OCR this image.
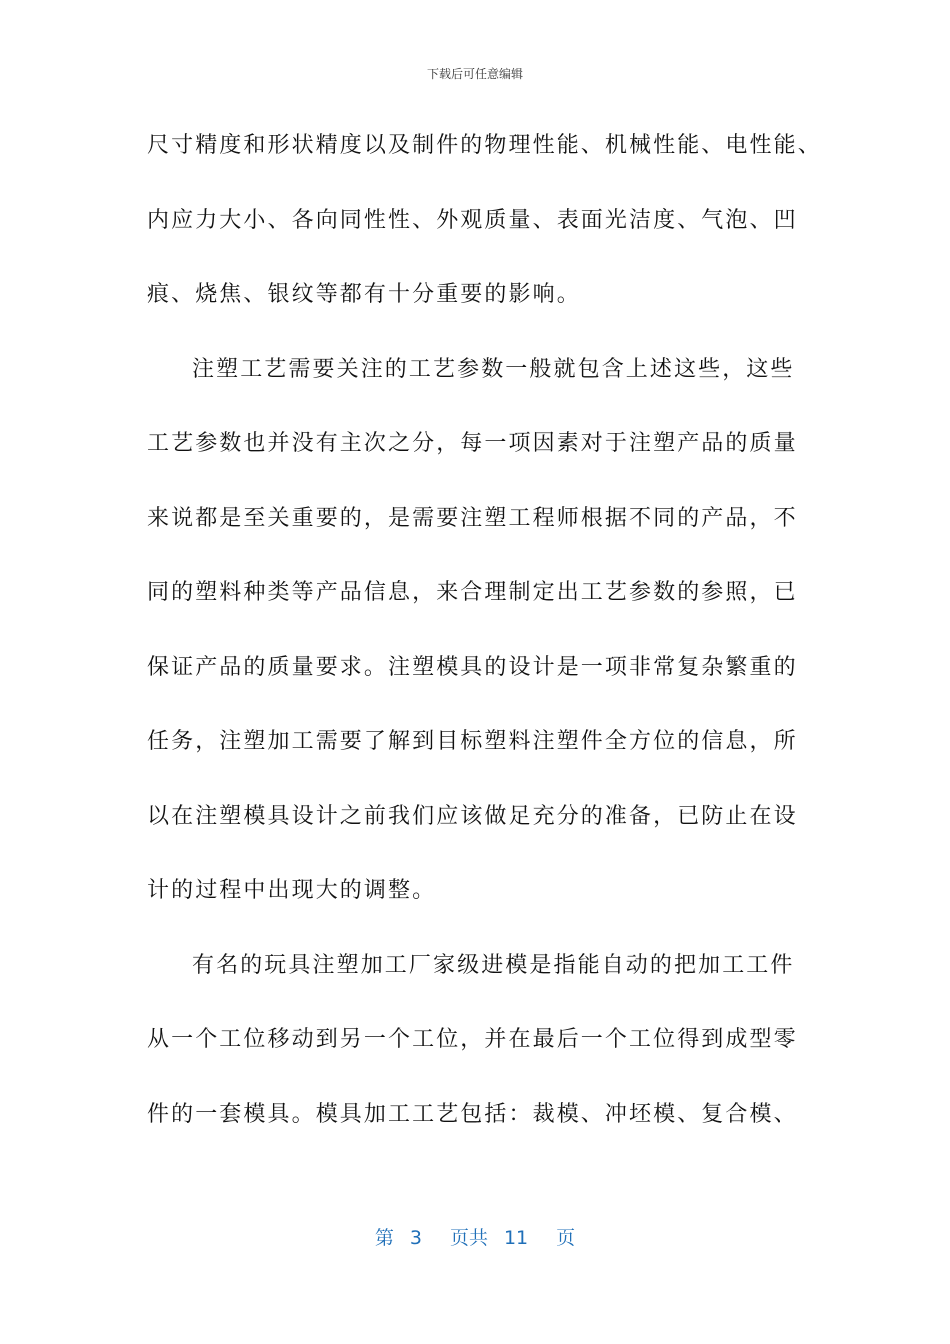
下载后可任意编辑
尺寸精度和形状精度以及制件的物理性能、机械性能、电性能、
内应力大小、各向同性性、外观质量、表面光洁度、气泡、凹
痕、烧焦、银纹等都有十分重要的影响。
注塑工艺需要关注的工艺参数一般就包含上述这些，这些
工艺参数也并没有主次之分，每一项因素对于注塑产品的质量
来说都是至关重要的，是需要注塑工程师根据不同的产品，不
同的塑料种类等产品信息，来合理制定出工艺参数的参照，已
保证产品的质量要求。注塑模具的设计是一项非常复杂繁重的
任务，注塑加工需要了解到目标塑料注塑件全方位的信息，所
以在注塑模具设计之前我们应该做足充分的准备，已防止在设
计的过程中出现大的调整。
有名的玩具注塑加工厂家级进模是指能自动的把加工工件
从一个工位移动到另一个工位，并在最后一个工位得到成型零
件的一套模具。模具加工工艺包括：裁模、冲坯模、复合模、
第 3 页共 11 页
